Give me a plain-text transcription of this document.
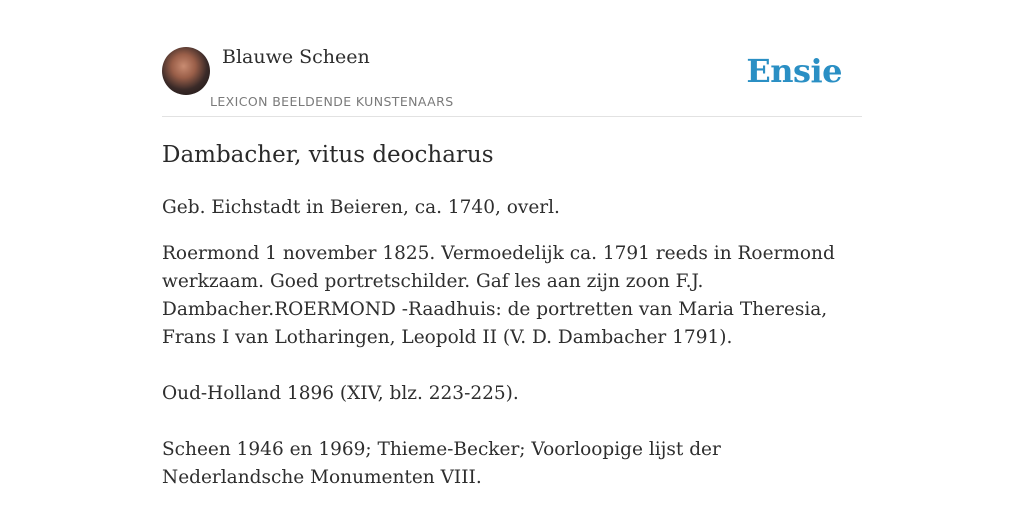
Blauwe Scheen
LEXICON BEELDENDE KUNSTENAARS
Ensie
Dambacher, vitus deocharus

Geb. Eichstadt in Beieren, ca. 1740, overl.

Roermond 1 november 1825. Vermoedelijk ca. 1791 reeds in Roermond werkzaam. Goed portretschilder. Gaf les aan zijn zoon F.J. Dambacher.ROERMOND -Raadhuis: de portretten van Maria Theresia, Frans I van Lotharingen, Leopold II (V. D. Dambacher 1791).

Oud-Holland 1896 (XIV, blz. 223-225).

Scheen 1946 en 1969; Thieme-Becker; Voorloopige lijst der Nederlandsche Monumenten VIII.
